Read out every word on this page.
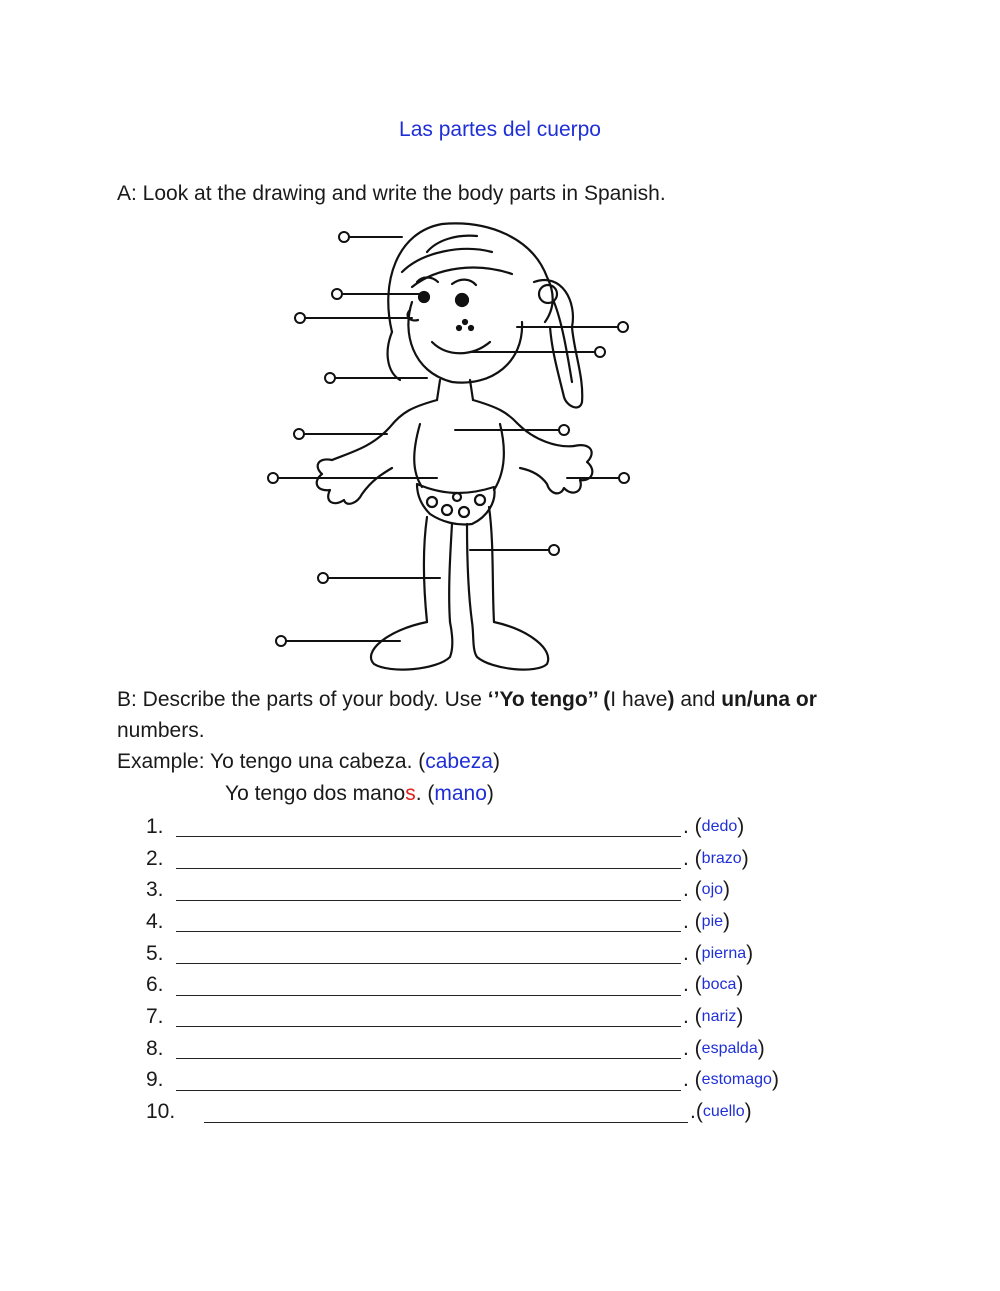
Las partes del cuerpo
A: Look at the drawing and write the body parts in Spanish.
B: Describe the parts of your body. Use ‘’Yo tengo’’ (I have) and un/una or numbers.
Example: Yo tengo una cabeza. (cabeza)
Yo tengo dos manos. (mano)
1.	. ( dedo )
2.	. ( brazo )
3.	. ( ojo )
4.	. ( pie )
5.	. ( pierna )
6.	. ( boca )
7.	. ( nariz )
8.	. ( espalda )
9.	. ( estomago )
10.	.( cuello )
